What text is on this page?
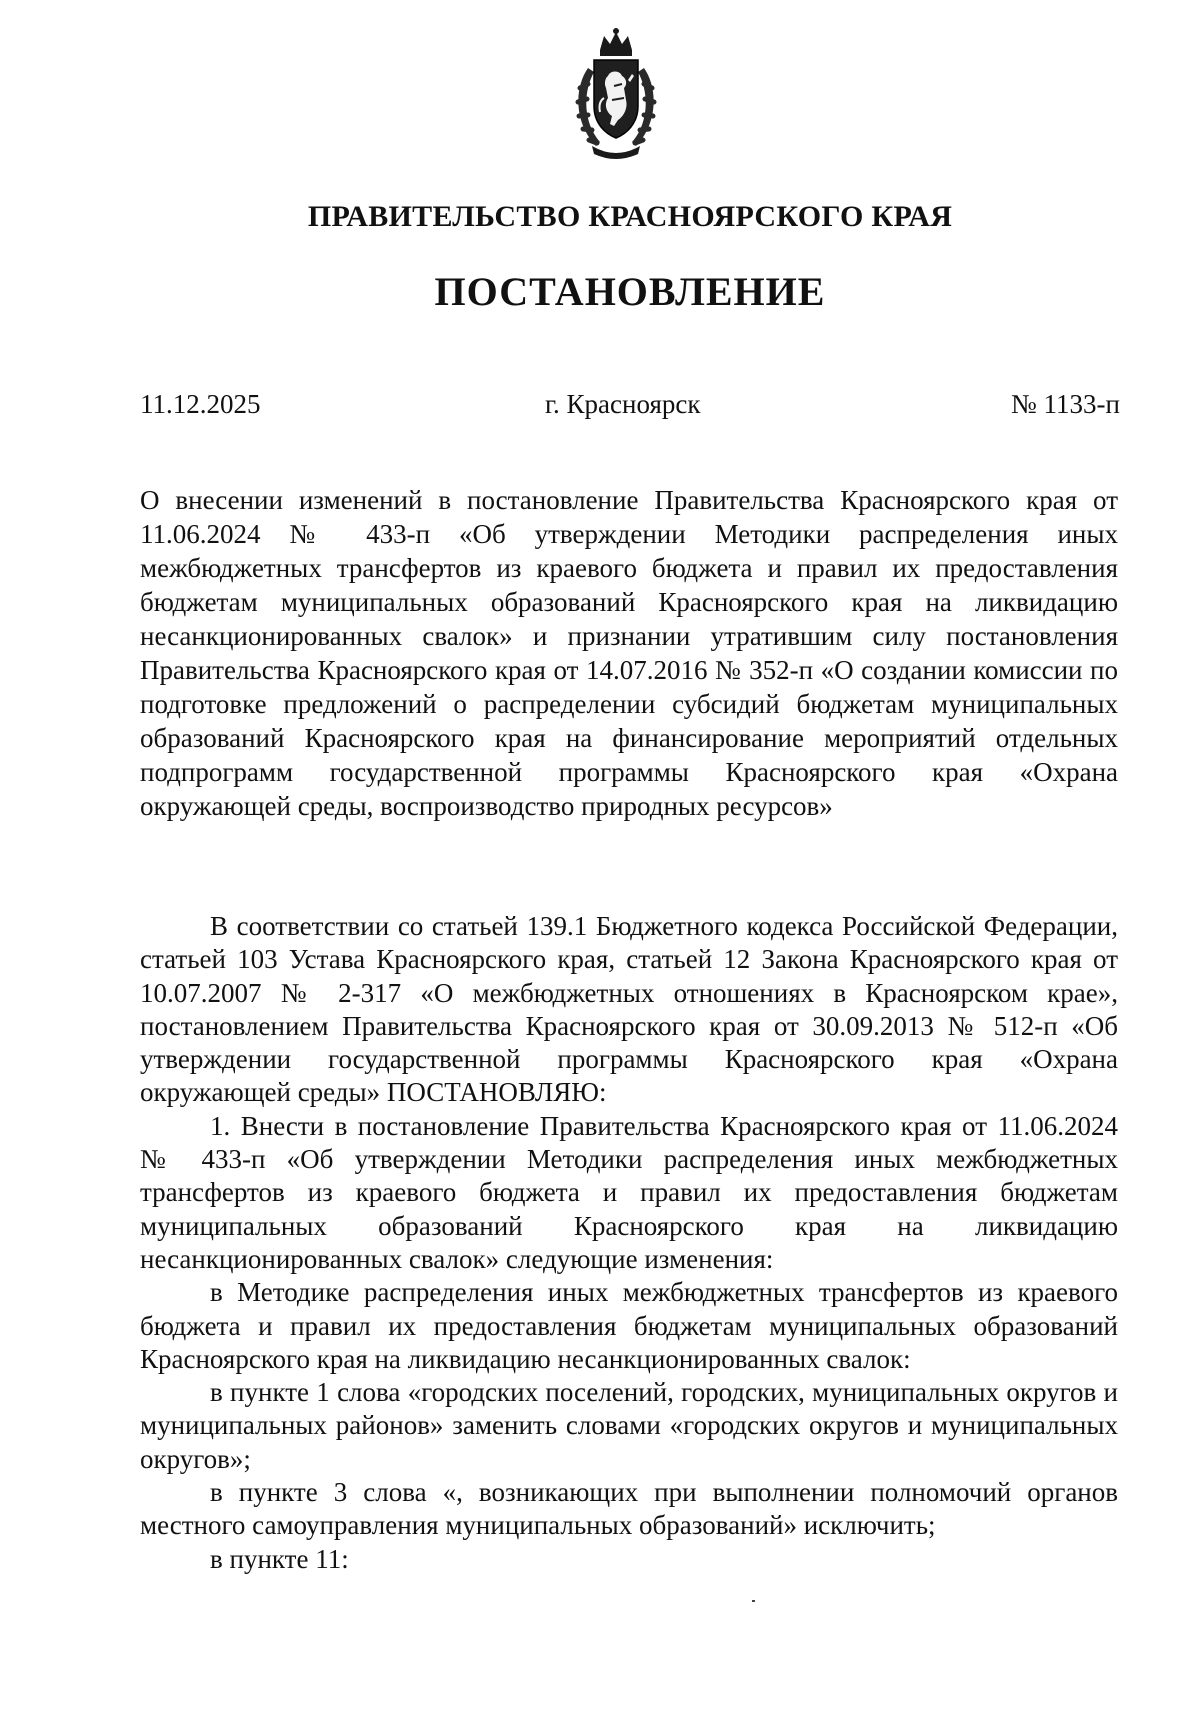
ПРАВИТЕЛЬСТВО КРАСНОЯРСКОГО КРАЯ
ПОСТАНОВЛЕНИЕ
11.12.2025	г. Красноярск	№ 1133-п
О внесении изменений в постановление Правительства Красноярского края от 11.06.2024 № 433-п «Об утверждении Методики распределения иных межбюджетных трансфертов из краевого бюджета и правил их предоставления бюджетам муниципальных образований Красноярского края на ликвидацию несанкционированных свалок» и признании утратившим силу постановления Правительства Красноярского края от 14.07.2016 № 352-п «О создании комиссии по подготовке предложений о распределении субсидий бюджетам муниципальных образований Красноярского края на финансирование мероприятий отдельных подпрограмм государственной программы Красноярского края «Охрана окружающей среды, воспроизводство природных ресурсов»

В соответствии со статьей 139.1 Бюджетного кодекса Российской Федерации, статьей 103 Устава Красноярского края, статьей 12 Закона Красноярского края от 10.07.2007 № 2-317 «О межбюджетных отношениях в Красноярском крае», постановлением Правительства Красноярского края от 30.09.2013 № 512-п «Об утверждении государственной программы Красноярского края «Охрана окружающей среды» ПОСТАНОВЛЯЮ:

1. Внести в постановление Правительства Красноярского края от 11.06.2024 № 433-п «Об утверждении Методики распределения иных межбюджетных трансфертов из краевого бюджета и правил их предоставления бюджетам муниципальных образований Красноярского края на ликвидацию несанкционированных свалок» следующие изменения:

в Методике распределения иных межбюджетных трансфертов из краевого бюджета и правил их предоставления бюджетам муниципальных образований Красноярского края на ликвидацию несанкционированных свалок:

в пункте 1 слова «городских поселений, городских, муниципальных округов и муниципальных районов» заменить словами «городских округов и муниципальных округов»;

в пункте 3 слова «, возникающих при выполнении полномочий органов местного самоуправления муниципальных образований» исключить;

в пункте 11:
